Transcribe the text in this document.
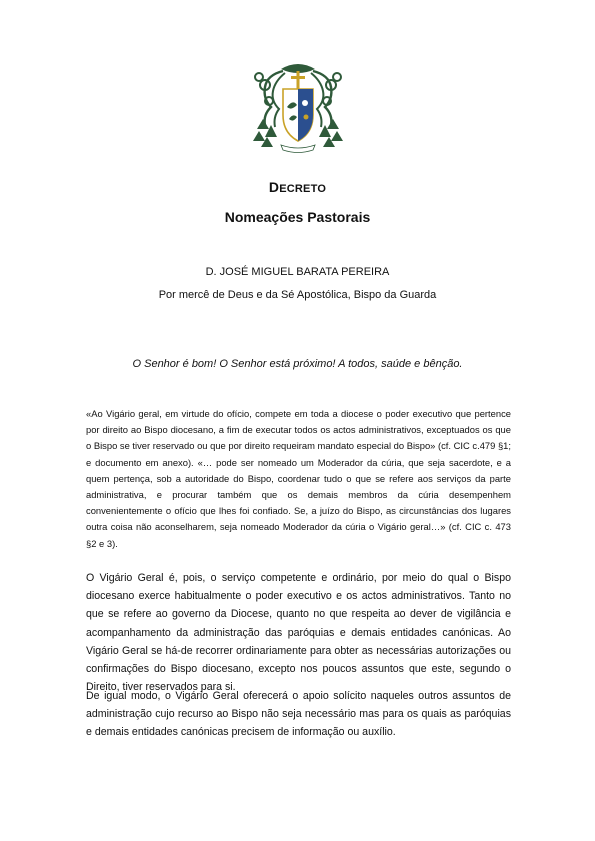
DECRETO
Nomeações Pastorais
D. JOSÉ MIGUEL BARATA PEREIRA
Por mercê de Deus e da Sé Apostólica, Bispo da Guarda
O Senhor é bom! O Senhor está próximo! A todos, saúde e bênção.
«Ao Vigário geral, em virtude do ofício, compete em toda a diocese o poder executivo que pertence por direito ao Bispo diocesano, a fim de executar todos os actos administrativos, exceptuados os que o Bispo se tiver reservado ou que por direito requeiram mandato especial do Bispo» (cf. CIC c.479 §1; e documento em anexo). «… pode ser nomeado um Moderador da cúria, que seja sacerdote, e a quem pertença, sob a autoridade do Bispo, coordenar tudo o que se refere aos serviços da parte administrativa, e procurar também que os demais membros da cúria desempenhem convenientemente o ofício que lhes foi confiado. Se, a juízo do Bispo, as circunstâncias dos lugares outra coisa não aconselharem, seja nomeado Moderador da cúria o Vigário geral…» (cf. CIC c. 473 §2 e 3).
O Vigário Geral é, pois, o serviço competente e ordinário, por meio do qual o Bispo diocesano exerce habitualmente o poder executivo e os actos administrativos. Tanto no que se refere ao governo da Diocese, quanto no que respeita ao dever de vigilância e acompanhamento da administração das paróquias e demais entidades canónicas. Ao Vigário Geral se há-de recorrer ordinariamente para obter as necessárias autorizações ou confirmações do Bispo diocesano, excepto nos poucos assuntos que este, segundo o Direito, tiver reservados para si.
De igual modo, o Vigário Geral oferecerá o apoio solícito naqueles outros assuntos de administração cujo recurso ao Bispo não seja necessário mas para os quais as paróquias e demais entidades canónicas precisem de informação ou auxílio.
